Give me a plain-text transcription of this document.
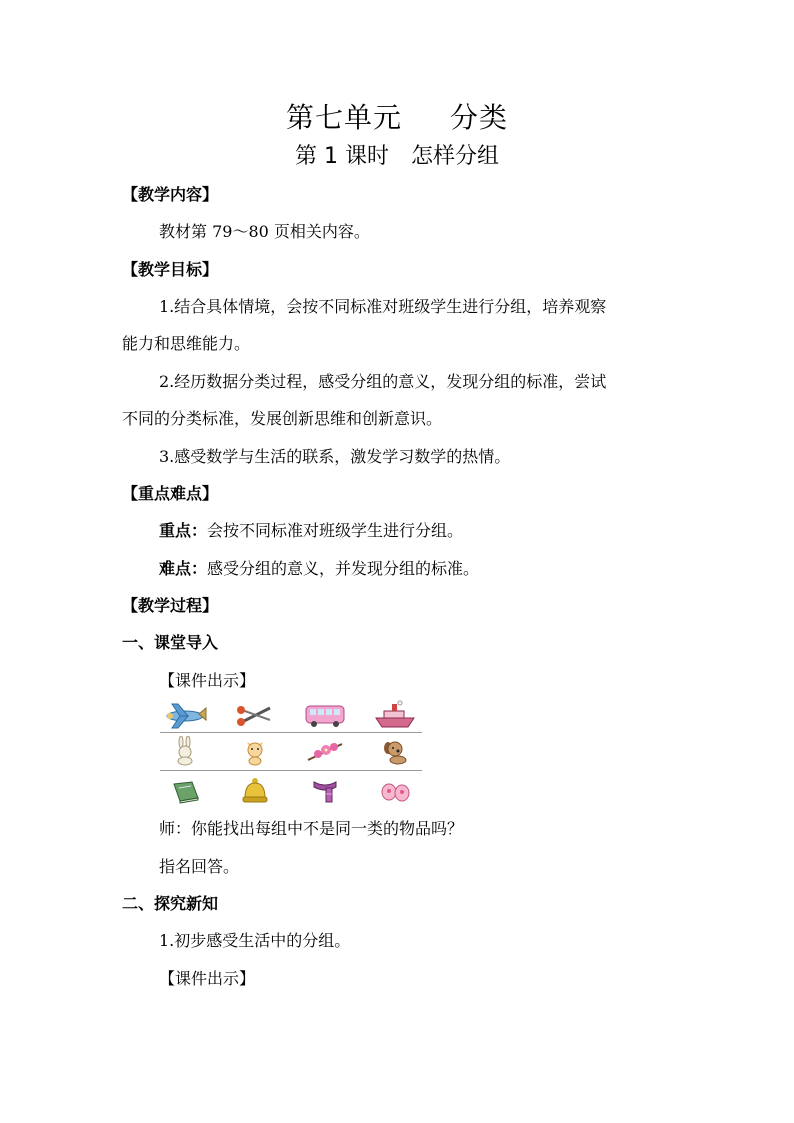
第七单元 分类
第 1 课时 怎样分组
【教学内容】
教材第 79～80 页相关内容。
【教学目标】
1.结合具体情境，会按不同标准对班级学生进行分组，培养观察
能力和思维能力。
2.经历数据分类过程，感受分组的意义，发现分组的标准，尝试
不同的分类标准，发展创新思维和创新意识。
3.感受数学与生活的联系，激发学习数学的热情。
【重点难点】
重点：会按不同标准对班级学生进行分组。
难点：感受分组的意义，并发现分组的标准。
【教学过程】
一、课堂导入
【课件出示】
师：你能找出每组中不是同一类的物品吗？
指名回答。
二、探究新知
1.初步感受生活中的分组。
【课件出示】
